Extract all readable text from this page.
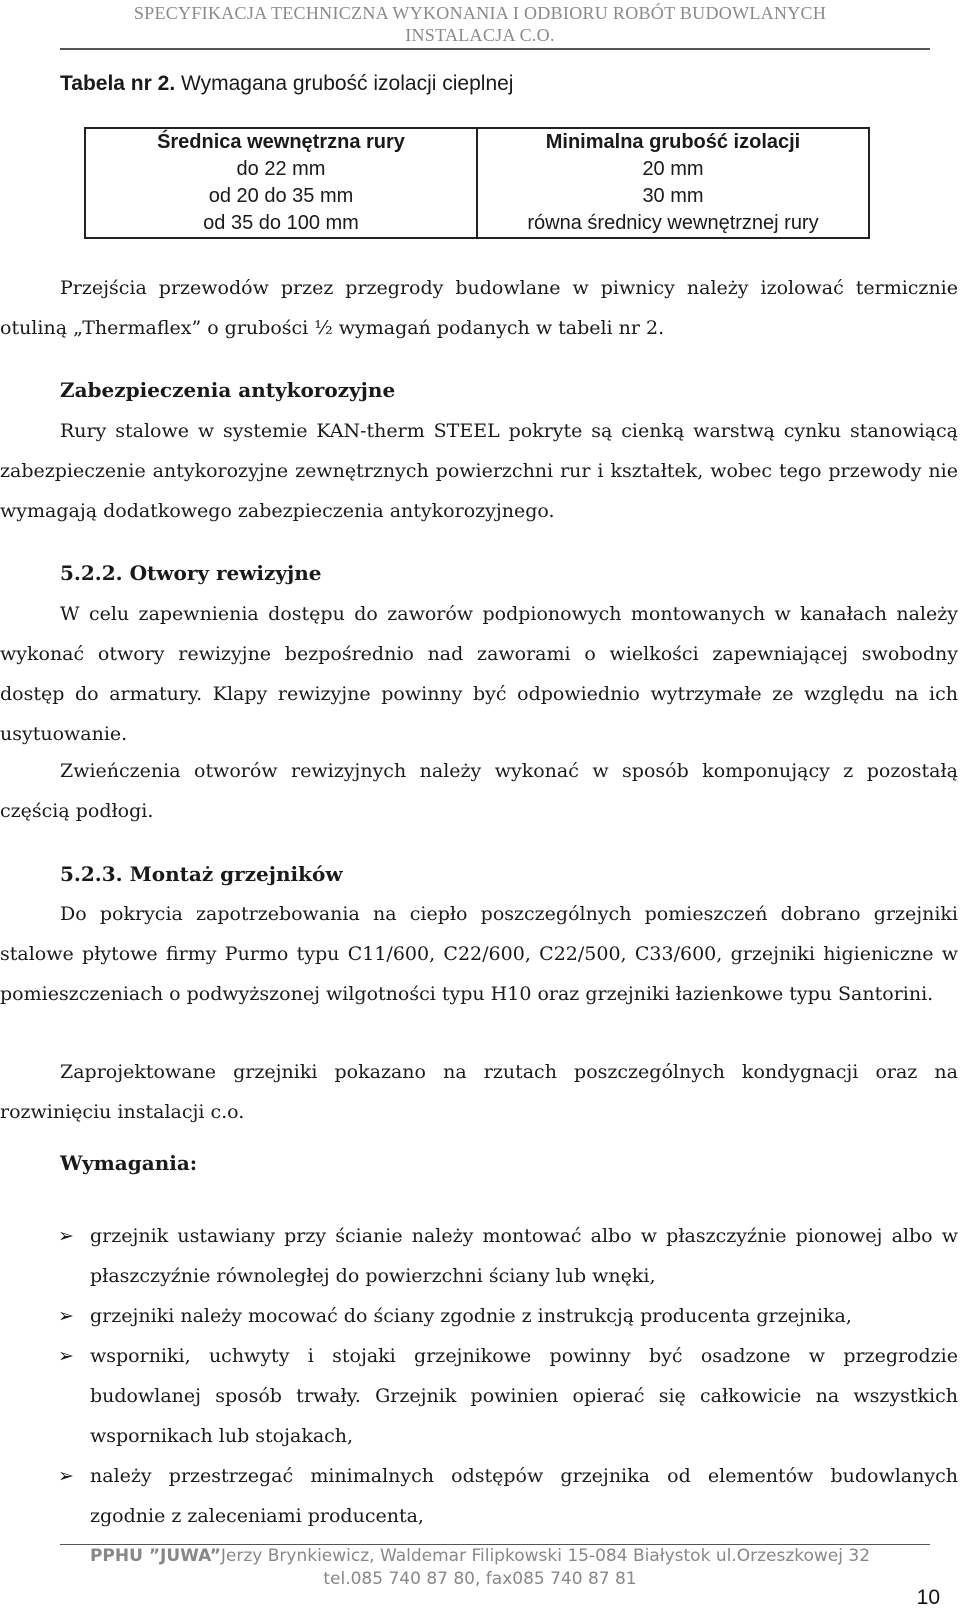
SPECYFIKACJA TECHNICZNA WYKONANIA I ODBIORU ROBÓT BUDOWLANYCH
INSTALACJA C.O.
Tabela nr 2. Wymagana grubość izolacji cieplnej
Średnica wewnętrzna rury	Minimalna grubość izolacji
do 22 mm	20 mm
od 20 do 35 mm	30 mm
od 35 do 100 mm	równa średnicy wewnętrznej rury
Przejścia przewodów przez przegrody budowlane w piwnicy należy izolować termicznie otuliną „Thermaflex” o grubości ½ wymagań podanych w tabeli nr 2.
Zabezpieczenia antykorozyjne
Rury stalowe w systemie KAN-therm STEEL pokryte są cienką warstwą cynku stanowiącą zabezpieczenie antykorozyjne zewnętrznych powierzchni rur i kształtek, wobec tego przewody nie wymagają dodatkowego zabezpieczenia antykorozyjnego.
5.2.2. Otwory rewizyjne
W celu zapewnienia dostępu do zaworów podpionowych montowanych w kanałach należy wykonać otwory rewizyjne bezpośrednio nad zaworami o wielkości zapewniającej swobodny dostęp do armatury. Klapy rewizyjne powinny być odpowiednio wytrzymałe ze względu na ich usytuowanie.
Zwieńczenia otworów rewizyjnych należy wykonać w sposób komponujący z pozostałą częścią podłogi.
5.2.3. Montaż grzejników
Do pokrycia zapotrzebowania na ciepło poszczególnych pomieszczeń dobrano grzejniki stalowe płytowe firmy Purmo typu C11/600, C22/600, C22/500, C33/600, grzejniki higieniczne w pomieszczeniach o podwyższonej wilgotności typu H10 oraz grzejniki łazienkowe typu Santorini.
Zaprojektowane grzejniki pokazano na rzutach poszczególnych kondygnacji oraz na rozwinięciu instalacji c.o.
Wymagania:
➢ grzejnik ustawiany przy ścianie należy montować albo w płaszczyźnie pionowej albo w płaszczyźnie równoległej do powierzchni ściany lub wnęki,
➢ grzejniki należy mocować do ściany zgodnie z instrukcją producenta grzejnika,
➢ wsporniki, uchwyty i stojaki grzejnikowe powinny być osadzone w przegrodzie budowlanej sposób trwały. Grzejnik powinien opierać się całkowicie na wszystkich wspornikach lub stojakach,
➢ należy przestrzegać minimalnych odstępów grzejnika od elementów budowlanych zgodnie z zaleceniami producenta,
PPHU ”JUWA”Jerzy Brynkiewicz, Waldemar Filipkowski 15-084 Białystok ul.Orzeszkowej 32
tel.085 740 87 80, fax085 740 87 81
10
